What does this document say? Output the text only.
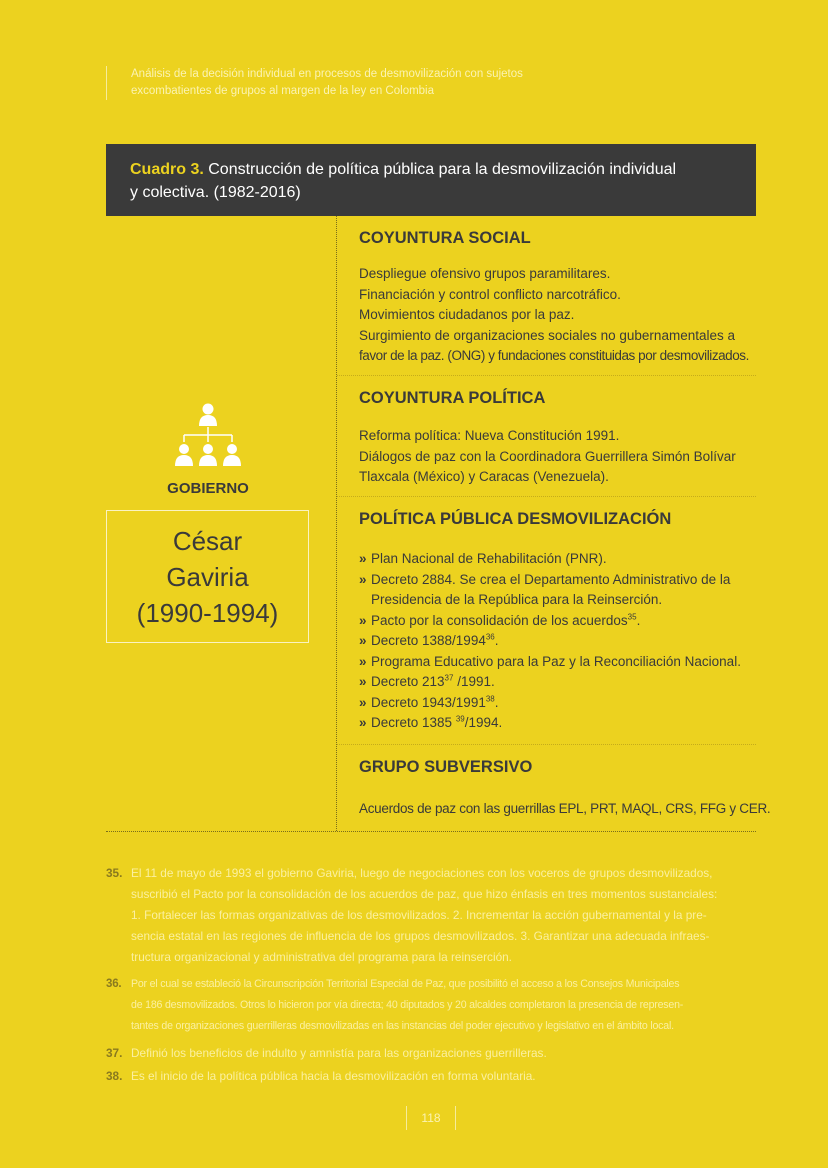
Análisis de la decisión individual en procesos de desmovilización con sujetos
excombatientes de grupos al margen de la ley en Colombia
Cuadro 3. Construcción de política pública para la desmovilización individual
y colectiva. (1982-2016)
GOBIERNO
César
Gaviria
(1990-1994)
COYUNTURA SOCIAL
Despliegue ofensivo grupos paramilitares.
Financiación y control conflicto narcotráfico.
Movimientos ciudadanos por la paz.
Surgimiento de organizaciones sociales no gubernamentales a
favor de la paz. (ONG) y fundaciones constituidas por desmovilizados.
COYUNTURA POLÍTICA
Reforma política: Nueva Constitución 1991.
Diálogos de paz con la Coordinadora Guerrillera Simón Bolívar
Tlaxcala (México) y Caracas (Venezuela).
POLÍTICA PÚBLICA DESMOVILIZACIÓN
» Plan Nacional de Rehabilitación (PNR).
» Decreto 2884. Se crea el Departamento Administrativo de la
Presidencia de la República para la Reinserción.
» Pacto por la consolidación de los acuerdos$^{35}$.
» Decreto 1388/1994$^{36}$.
» Programa Educativo para la Paz y la Reconciliación Nacional.
» Decreto $213^{37}$ /1991.
» Decreto 1943/1991$^{38}$.
» Decreto 1385 $^{39}$/1994.
GRUPO SUBVERSIVO
Acuerdos de paz con las guerrillas EPL, PRT, MAQL, CRS, FFG y CER.
35. El 11 de mayo de 1993 el gobierno Gaviria, luego de negociaciones con los voceros de grupos desmovilizados,
suscribió el Pacto por la consolidación de los acuerdos de paz, que hizo énfasis en tres momentos sustanciales:
1. Fortalecer las formas organizativas de los desmovilizados. 2. Incrementar la acción gubernamental y la pre-
sencia estatal en las regiones de influencia de los grupos desmovilizados. 3. Garantizar una adecuada infraes-
tructura organizacional y administrativa del programa para la reinserción.
36. Por el cual se estableció la Circunscripción Territorial Especial de Paz, que posibilitó el acceso a los Consejos Municipales
de 186 desmovilizados. Otros lo hicieron por vía directa; 40 diputados y 20 alcaldes completaron la presencia de represen-
tantes de organizaciones guerrilleras desmovilizadas en las instancias del poder ejecutivo y legislativo en el ámbito local.
37. Definió los beneficios de indulto y amnistía para las organizaciones guerrilleras.
38. Es el inicio de la política pública hacia la desmovilización en forma voluntaria.
118
